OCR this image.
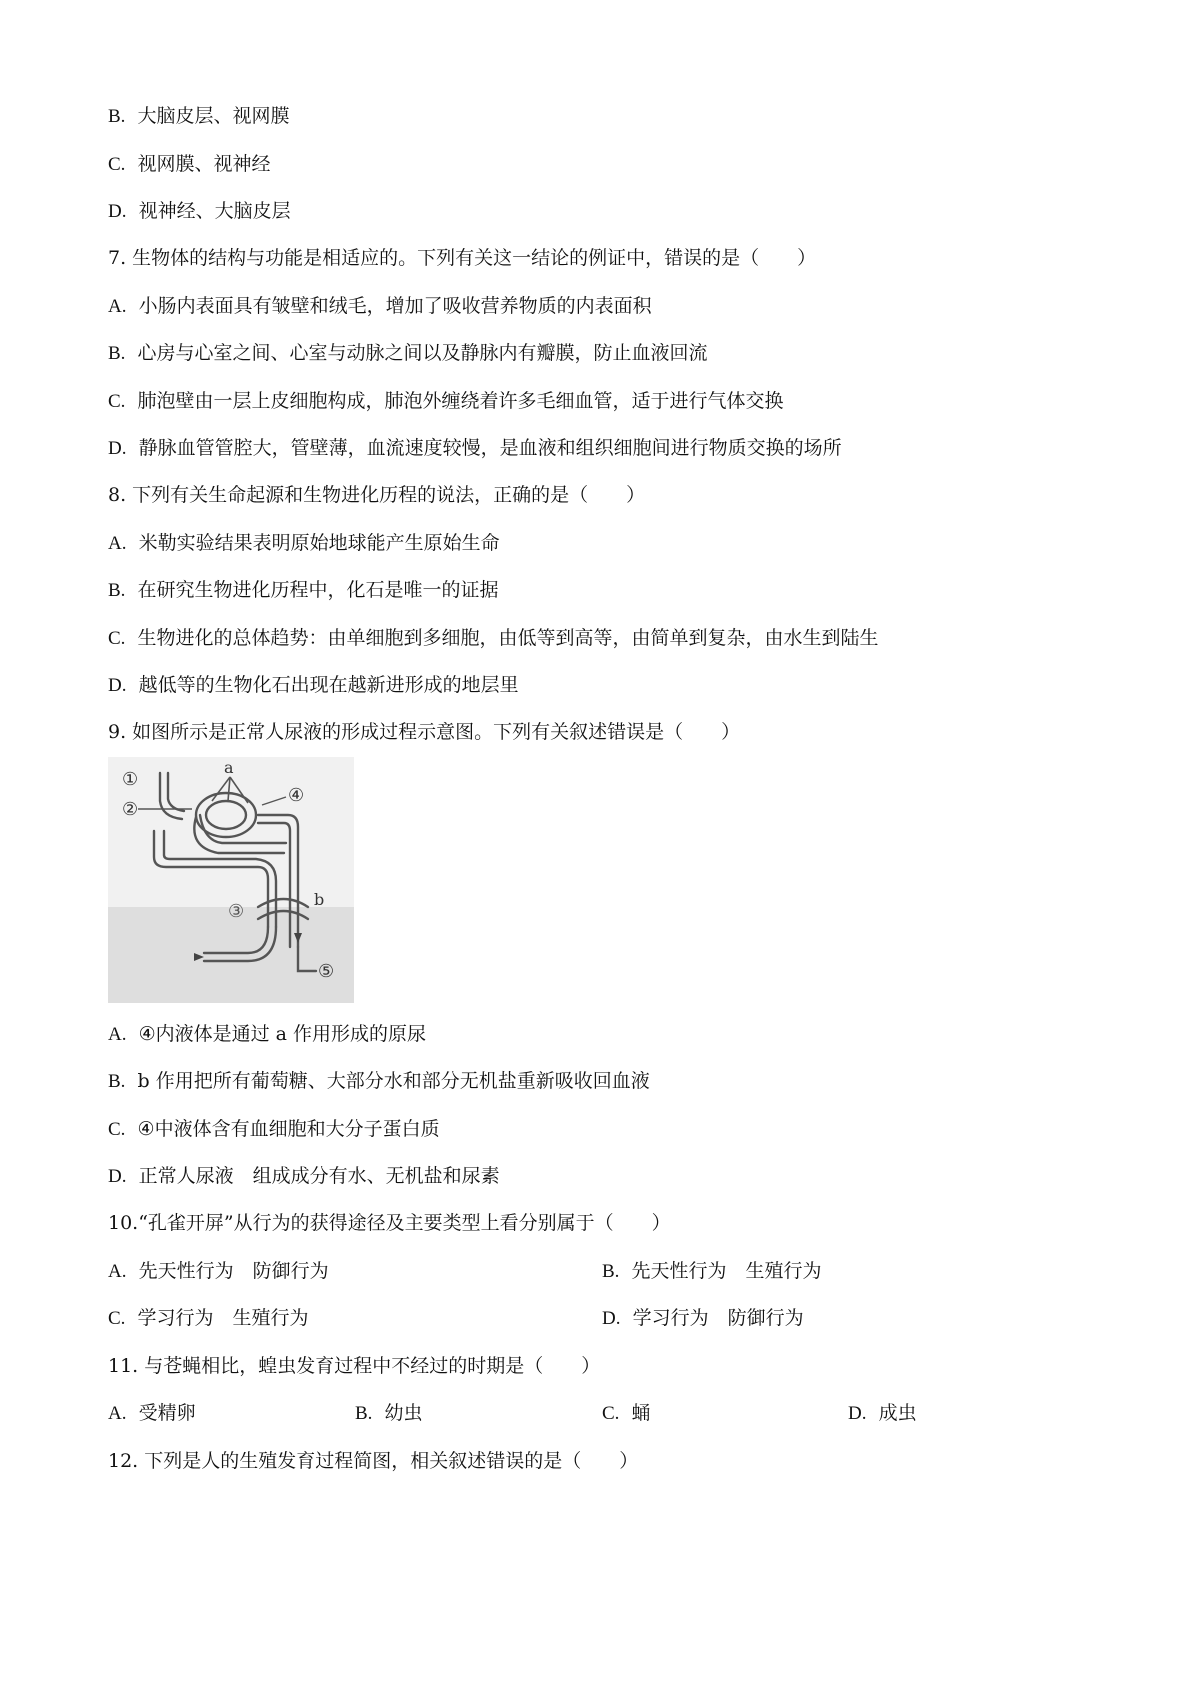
B. 大脑皮层、视网膜
C. 视网膜、视神经
D. 视神经、大脑皮层
7. 生物体的结构与功能是相适应的。下列有关这一结论的例证中，错误的是（　　）
A. 小肠内表面具有皱壁和绒毛，增加了吸收营养物质的内表面积
B. 心房与心室之间、心室与动脉之间以及静脉内有瓣膜，防止血液回流
C. 肺泡壁由一层上皮细胞构成，肺泡外缠绕着许多毛细血管，适于进行气体交换
D. 静脉血管管腔大，管壁薄，血流速度较慢，是血液和组织细胞间进行物质交换的场所
8. 下列有关生命起源和生物进化历程的说法，正确的是（　　）
A. 米勒实验结果表明原始地球能产生原始生命
B. 在研究生物进化历程中，化石是唯一的证据
C. 生物进化的总体趋势：由单细胞到多细胞，由低等到高等，由简单到复杂，由水生到陆生
D. 越低等的生物化石出现在越新进形成的地层里
9. 如图所示是正常人尿液的形成过程示意图。下列有关叙述错误是（　　）
①
②
a
④
③
b
⑤
A. ④内液体是通过 a 作用形成的原尿
B. b 作用把所有葡萄糖、大部分水和部分无机盐重新吸收回血液
C. ④中液体含有血细胞和大分子蛋白质
D. 正常人尿液　组成成分有水、无机盐和尿素
10.“孔雀开屏”从行为的获得途径及主要类型上看分别属于（　　）
A. 先天性行为　防御行为	B. 先天性行为　生殖行为
C. 学习行为　生殖行为	D. 学习行为　防御行为
11. 与苍蝇相比，蝗虫发育过程中不经过的时期是（　　）
A. 受精卵	B. 幼虫	C. 蛹	D. 成虫
12. 下列是人的生殖发育过程简图，相关叙述错误的是（　　）
